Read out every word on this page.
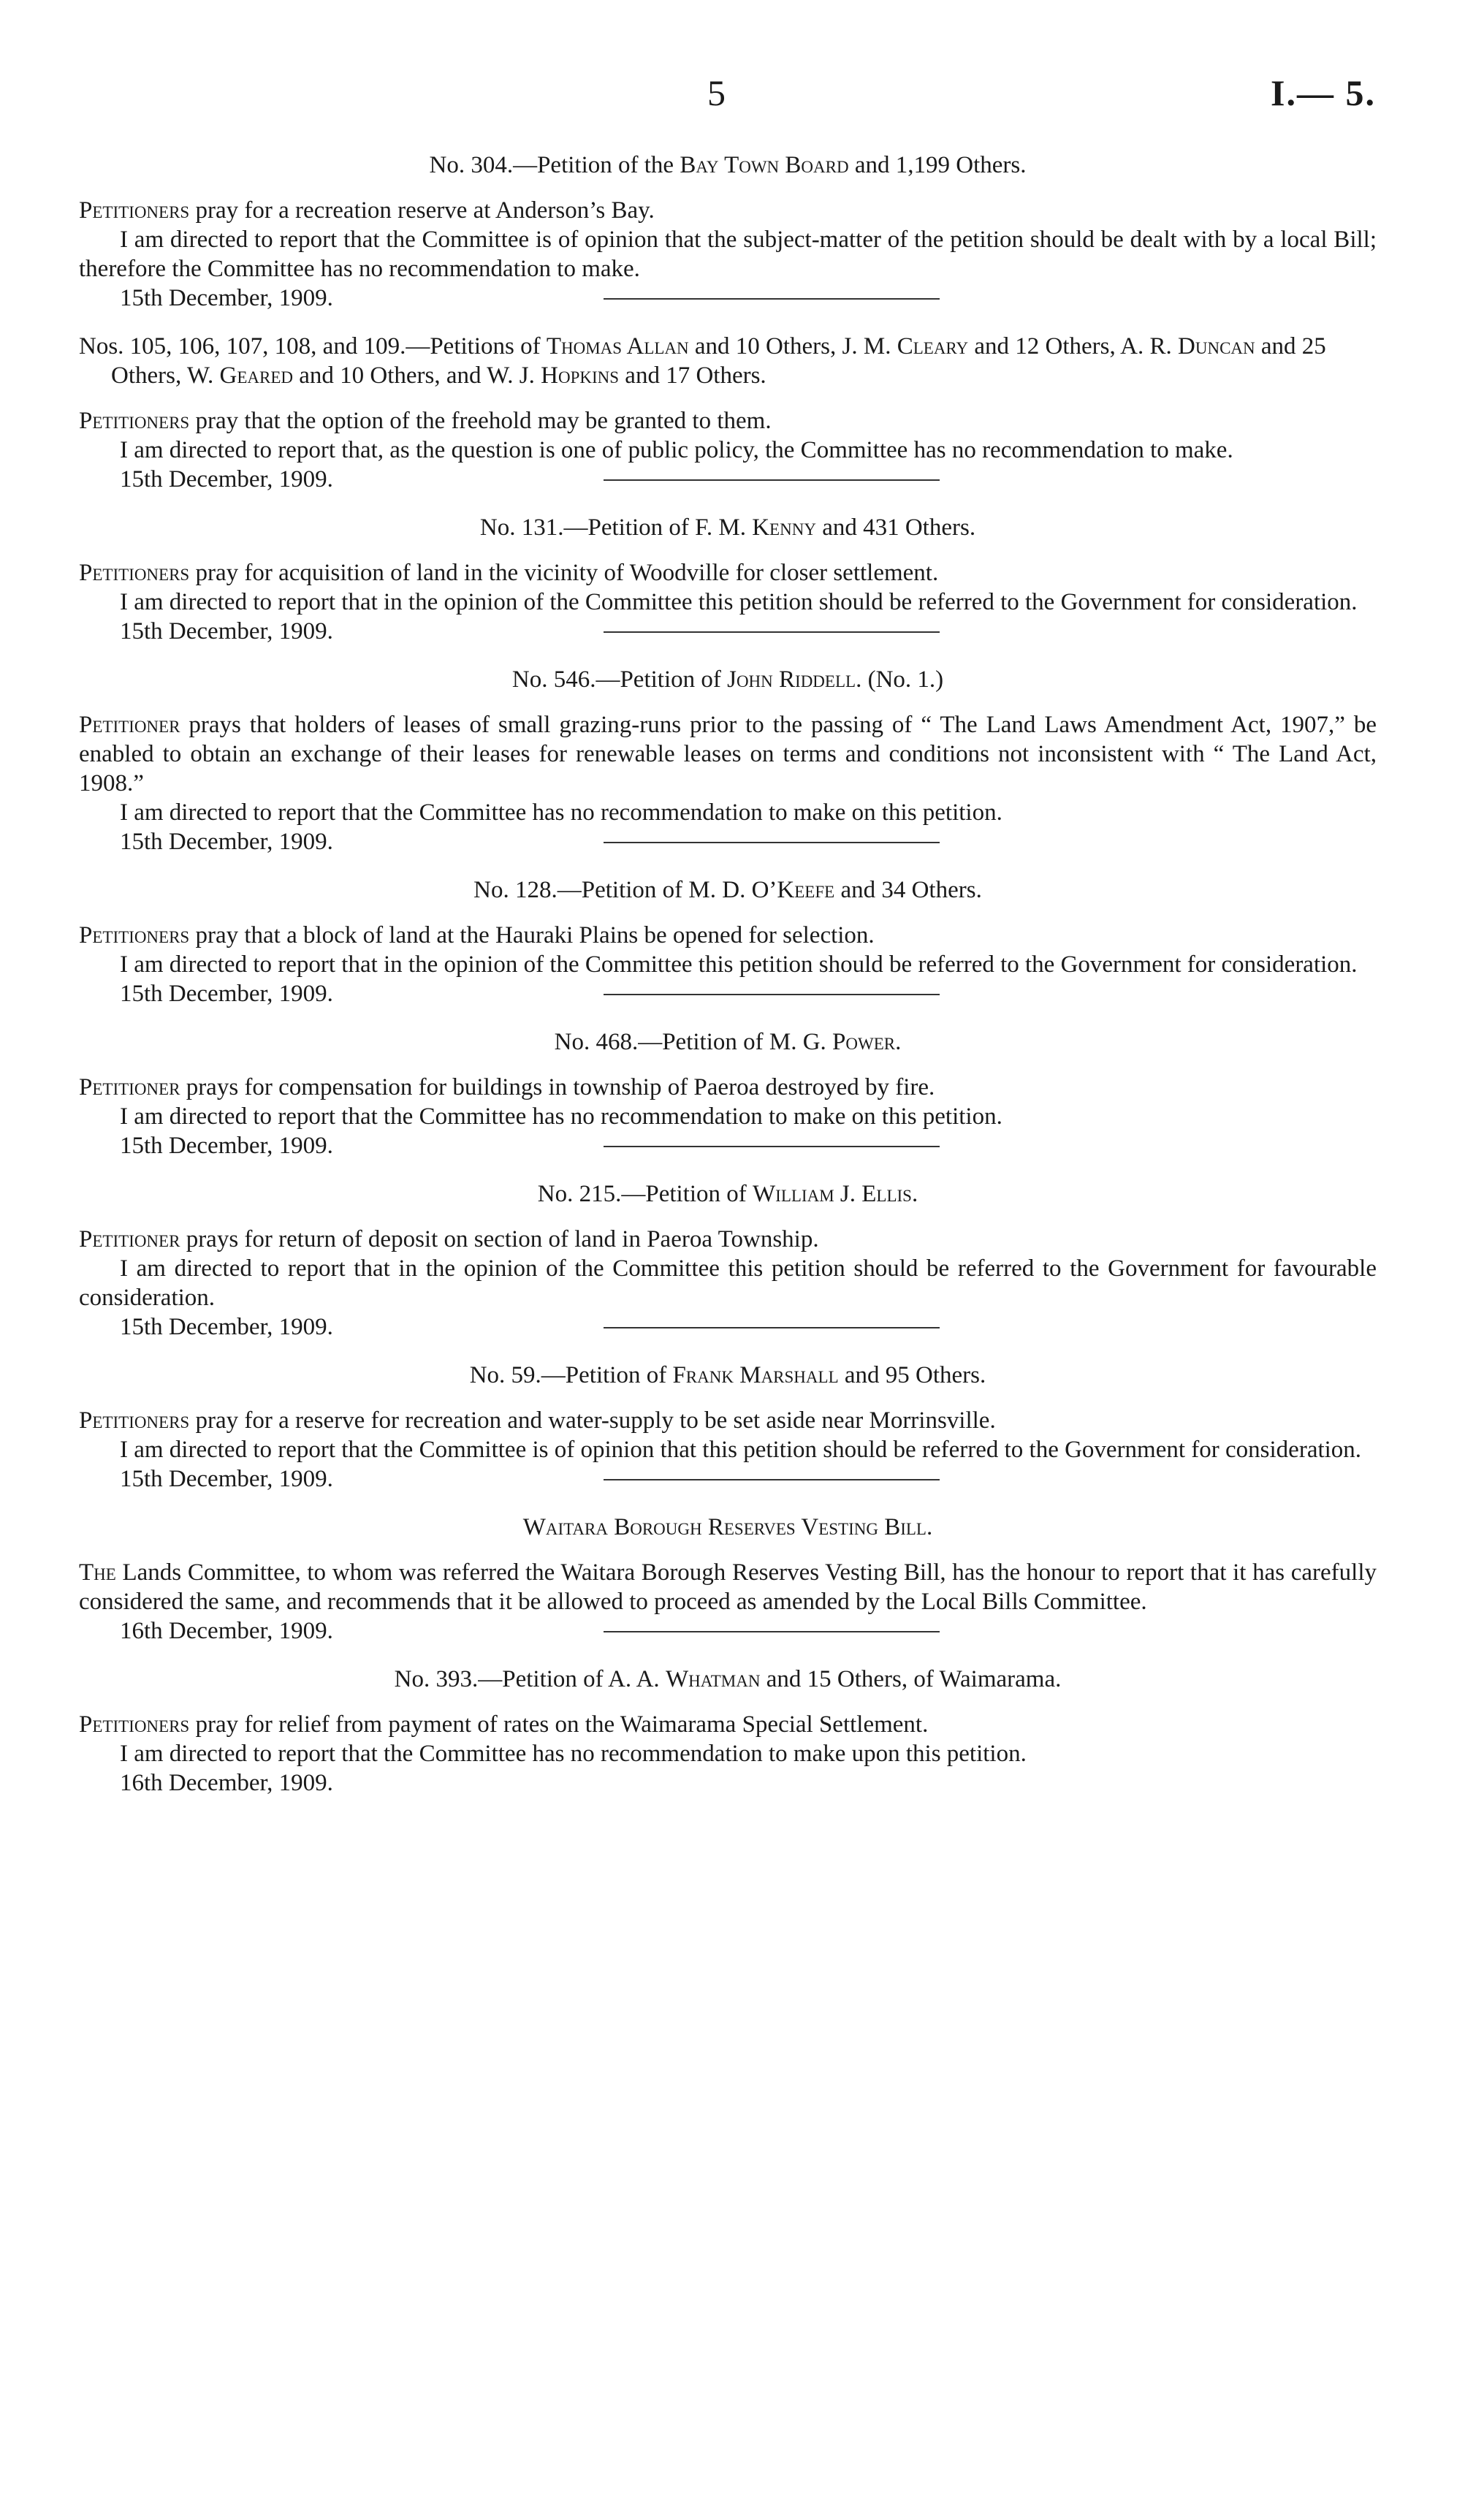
5	I.— 5.

No. 304.—Petition of the Bay Town Board and 1,199 Others.

Petitioners pray for a recreation reserve at Anderson’s Bay.

I am directed to report that the Committee is of opinion that the subject-matter of the petition should be dealt with by a local Bill; therefore the Committee has no recommendation to make.

15th December, 1909.

Nos. 105, 106, 107, 108, and 109.—Petitions of Thomas Allan and 10 Others, J. M. Cleary and 12 Others, A. R. Duncan and 25 Others, W. Geared and 10 Others, and W. J. Hopkins and 17 Others.

Petitioners pray that the option of the freehold may be granted to them.

I am directed to report that, as the question is one of public policy, the Committee has no recommendation to make.

15th December, 1909.

No. 131.—Petition of F. M. Kenny and 431 Others.

Petitioners pray for acquisition of land in the vicinity of Woodville for closer settlement.

I am directed to report that in the opinion of the Committee this petition should be referred to the Government for consideration.

15th December, 1909.

No. 546.—Petition of John Riddell. (No. 1.)

Petitioner prays that holders of leases of small grazing-runs prior to the passing of “ The Land Laws Amendment Act, 1907,” be enabled to obtain an exchange of their leases for renewable leases on terms and conditions not inconsistent with “ The Land Act, 1908.”

I am directed to report that the Committee has no recommendation to make on this petition.

15th December, 1909.

No. 128.—Petition of M. D. O’Keefe and 34 Others.

Petitioners pray that a block of land at the Hauraki Plains be opened for selection.

I am directed to report that in the opinion of the Committee this petition should be referred to the Government for consideration.

15th December, 1909.

No. 468.—Petition of M. G. Power.

Petitioner prays for compensation for buildings in township of Paeroa destroyed by fire.

I am directed to report that the Committee has no recommendation to make on this petition.

15th December, 1909.

No. 215.—Petition of William J. Ellis.

Petitioner prays for return of deposit on section of land in Paeroa Township.

I am directed to report that in the opinion of the Committee this petition should be referred to the Government for favourable consideration.

15th December, 1909.

No. 59.—Petition of Frank Marshall and 95 Others.

Petitioners pray for a reserve for recreation and water-supply to be set aside near Morrinsville.

I am directed to report that the Committee is of opinion that this petition should be referred to the Government for consideration.

15th December, 1909.

Waitara Borough Reserves Vesting Bill.

The Lands Committee, to whom was referred the Waitara Borough Reserves Vesting Bill, has the honour to report that it has carefully considered the same, and recommends that it be allowed to proceed as amended by the Local Bills Committee.

16th December, 1909.

No. 393.—Petition of A. A. Whatman and 15 Others, of Waimarama.

Petitioners pray for relief from payment of rates on the Waimarama Special Settlement.

I am directed to report that the Committee has no recommendation to make upon this petition.

16th December, 1909.
